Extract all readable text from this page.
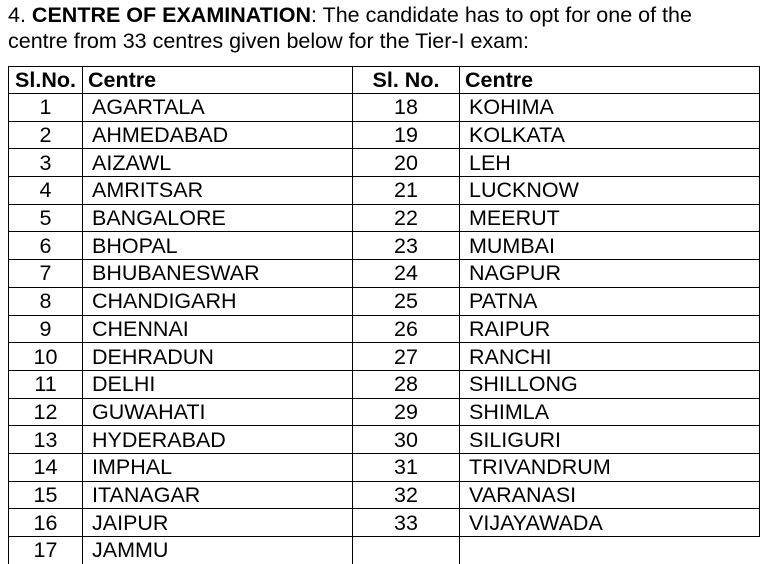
4. CENTRE OF EXAMINATION: The candidate has to opt for one of the
centre from 33 centres given below for the Tier-I exam:
Sl.No.	Centre	Sl. No.	Centre
1	AGARTALA	18	KOHIMA
2	AHMEDABAD	19	KOLKATA
3	AIZAWL	20	LEH
4	AMRITSAR	21	LUCKNOW
5	BANGALORE	22	MEERUT
6	BHOPAL	23	MUMBAI
7	BHUBANESWAR	24	NAGPUR
8	CHANDIGARH	25	PATNA
9	CHENNAI	26	RAIPUR
10	DEHRADUN	27	RANCHI
11	DELHI	28	SHILLONG
12	GUWAHATI	29	SHIMLA
13	HYDERABAD	30	SILIGURI
14	IMPHAL	31	TRIVANDRUM
15	ITANAGAR	32	VARANASI
16	JAIPUR	33	VIJAYAWADA
17	JAMMU		
